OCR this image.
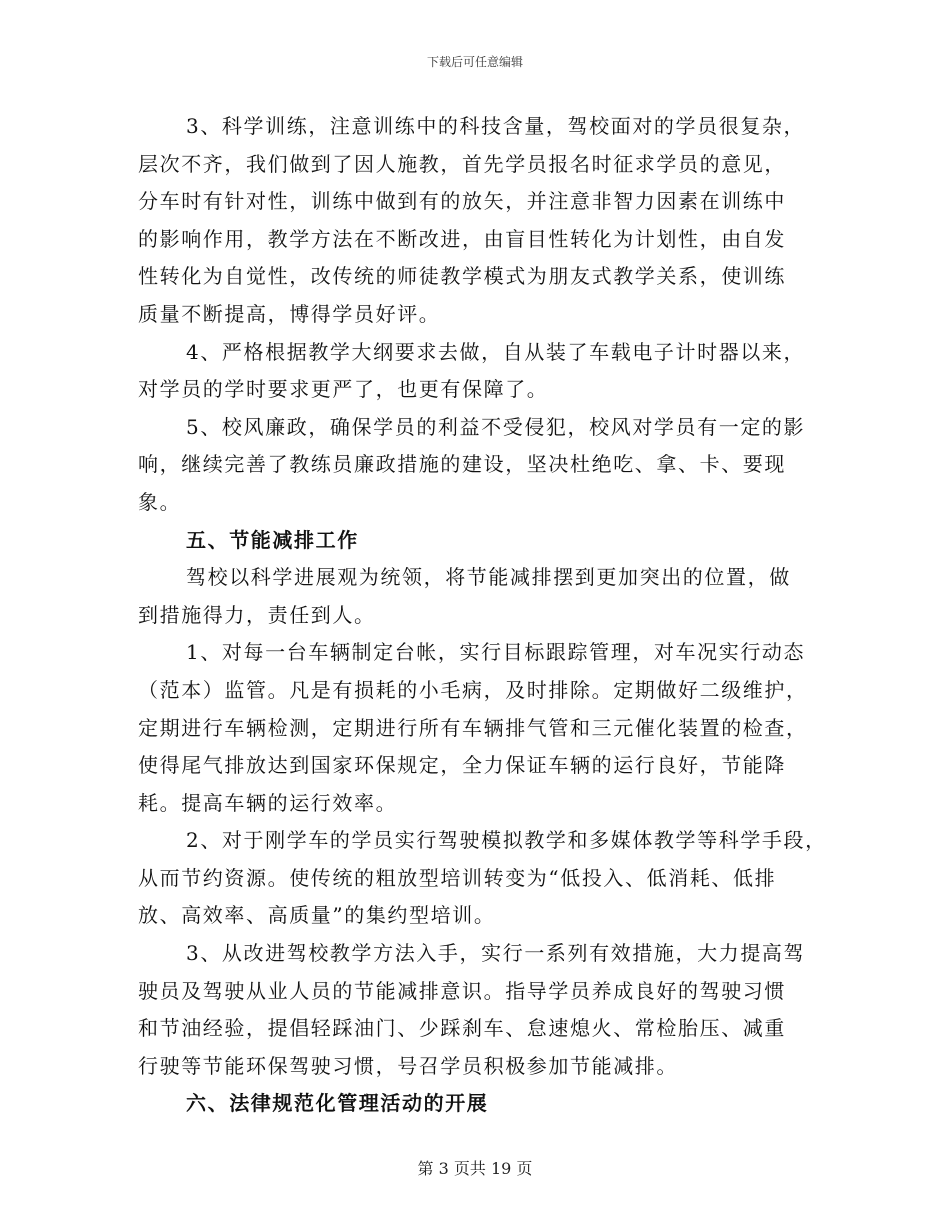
下载后可任意编辑
3、科学训练，注意训练中的科技含量，驾校面对的学员很复杂，
层次不齐，我们做到了因人施教，首先学员报名时征求学员的意见，
分车时有针对性，训练中做到有的放矢，并注意非智力因素在训练中
的影响作用，教学方法在不断改进，由盲目性转化为计划性，由自发
性转化为自觉性，改传统的师徒教学模式为朋友式教学关系，使训练
质量不断提高，博得学员好评。
4、严格根据教学大纲要求去做，自从装了车载电子计时器以来，
对学员的学时要求更严了，也更有保障了。
5、校风廉政，确保学员的利益不受侵犯，校风对学员有一定的影
响，继续完善了教练员廉政措施的建设，坚决杜绝吃、拿、卡、要现
象。
五、节能减排工作
驾校以科学进展观为统领，将节能减排摆到更加突出的位置，做
到措施得力，责任到人。
1、对每一台车辆制定台帐，实行目标跟踪管理，对车况实行动态
（范本）监管。凡是有损耗的小毛病，及时排除。定期做好二级维护，
定期进行车辆检测，定期进行所有车辆排气管和三元催化装置的检查，
使得尾气排放达到国家环保规定，全力保证车辆的运行良好，节能降
耗。提高车辆的运行效率。
2、对于刚学车的学员实行驾驶模拟教学和多媒体教学等科学手段，
从而节约资源。使传统的粗放型培训转变为“低投入、低消耗、低排
放、高效率、高质量”的集约型培训。
3、从改进驾校教学方法入手，实行一系列有效措施，大力提高驾
驶员及驾驶从业人员的节能减排意识。指导学员养成良好的驾驶习惯
和节油经验，提倡轻踩油门、少踩刹车、怠速熄火、常检胎压、减重
行驶等节能环保驾驶习惯，号召学员积极参加节能减排。
六、法律规范化管理活动的开展
第 3 页共 19 页
